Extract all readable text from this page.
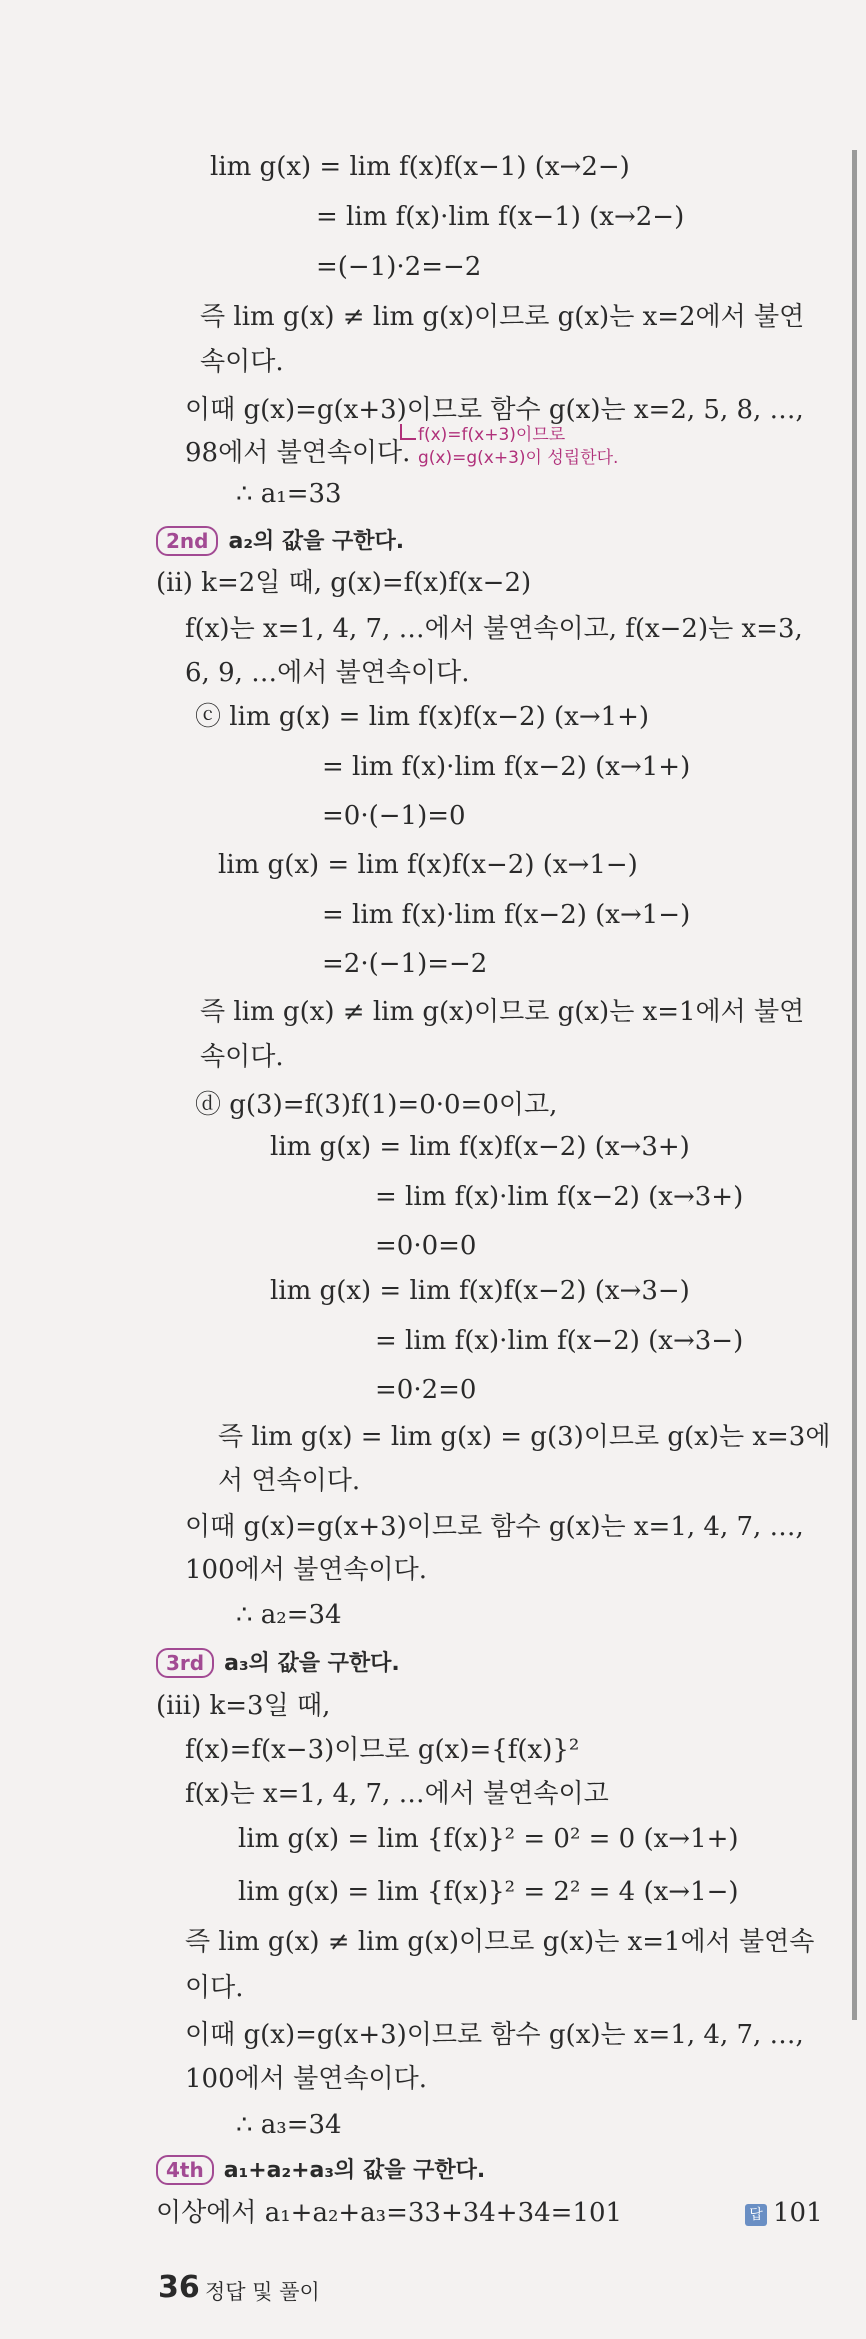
lim g(x) = lim f(x)f(x−1) (x→2−)
= lim f(x)·lim f(x−1) (x→2−)
=(−1)·2=−2
즉 lim g(x) ≠ lim g(x)이므로 g(x)는 x=2에서 불연
속이다.
이때 g(x)=g(x+3)이므로 함수 g(x)는 x=2, 5, 8, …,
98에서 불연속이다.
f(x)=f(x+3)이므로
g(x)=g(x+3)이 성립한다.
∴ a₁=33
2nd a₂의 값을 구한다.
(ii) k=2일 때, g(x)=f(x)f(x−2)
f(x)는 x=1, 4, 7, …에서 불연속이고, f(x−2)는 x=3,
6, 9, …에서 불연속이다.
ⓒ lim g(x) = lim f(x)f(x−2) (x→1+)
= lim f(x)·lim f(x−2) (x→1+)
=0·(−1)=0
lim g(x) = lim f(x)f(x−2) (x→1−)
= lim f(x)·lim f(x−2) (x→1−)
=2·(−1)=−2
즉 lim g(x) ≠ lim g(x)이므로 g(x)는 x=1에서 불연
속이다.
ⓓ g(3)=f(3)f(1)=0·0=0이고,
lim g(x) = lim f(x)f(x−2) (x→3+)
= lim f(x)·lim f(x−2) (x→3+)
=0·0=0
lim g(x) = lim f(x)f(x−2) (x→3−)
= lim f(x)·lim f(x−2) (x→3−)
=0·2=0
즉 lim g(x) = lim g(x) = g(3)이므로 g(x)는 x=3에
서 연속이다.
이때 g(x)=g(x+3)이므로 함수 g(x)는 x=1, 4, 7, …,
100에서 불연속이다.
∴ a₂=34
3rd a₃의 값을 구한다.
(iii) k=3일 때,
f(x)=f(x−3)이므로 g(x)={f(x)}²
f(x)는 x=1, 4, 7, …에서 불연속이고
lim g(x) = lim {f(x)}² = 0² = 0 (x→1+)
lim g(x) = lim {f(x)}² = 2² = 4 (x→1−)
즉 lim g(x) ≠ lim g(x)이므로 g(x)는 x=1에서 불연속
이다.
이때 g(x)=g(x+3)이므로 함수 g(x)는 x=1, 4, 7, …,
100에서 불연속이다.
∴ a₃=34
4th a₁+a₂+a₃의 값을 구한다.
이상에서 a₁+a₂+a₃=33+34+34=101	답 101
36 정답 및 풀이
